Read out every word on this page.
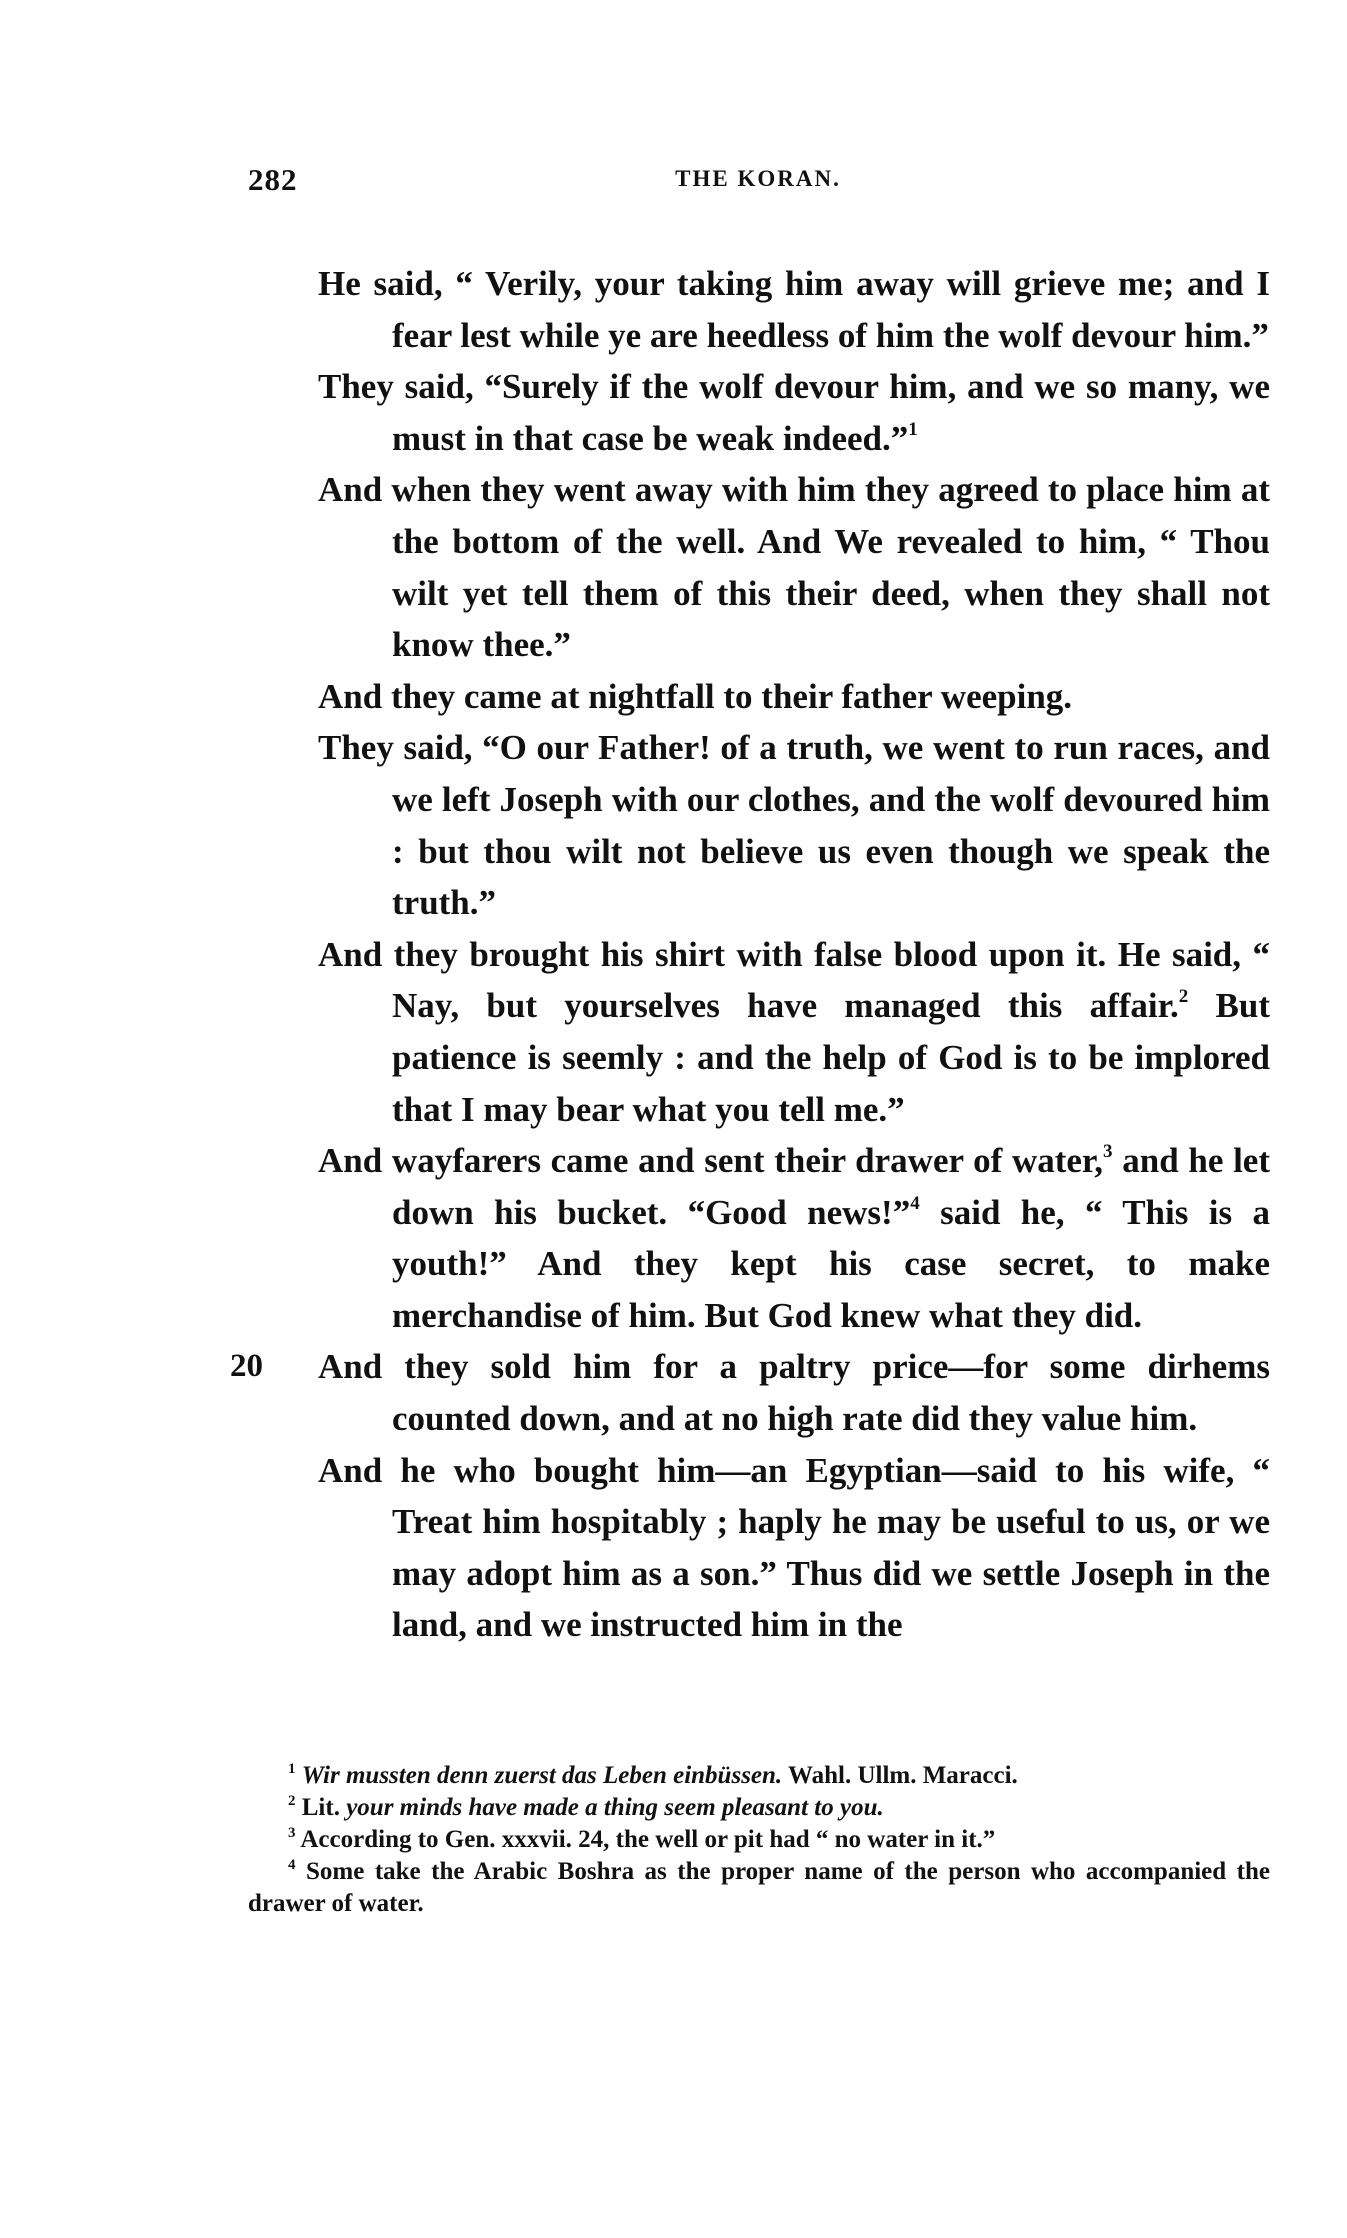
282	THE KORAN.

He said, “ Verily, your taking him away will grieve me; and I fear lest while ye are heedless of him the wolf devour him.”

They said, “Surely if the wolf devour him, and we so many, we must in that case be weak indeed.”$^1$

And when they went away with him they agreed to place him at the bottom of the well. And We revealed to him, “ Thou wilt yet tell them of this their deed, when they shall not know thee.”

And they came at nightfall to their father weeping.

They said, “O our Father! of a truth, we went to run races, and we left Joseph with our clothes, and the wolf devoured him : but thou wilt not believe us even though we speak the truth.”

And they brought his shirt with false blood upon it. He said, “ Nay, but yourselves have managed this affair.$^2$ But patience is seemly : and the help of God is to be implored that I may bear what you tell me.”

And wayfarers came and sent their drawer of water,$^3$ and he let down his bucket. “Good news!”$^4$ said he, “ This is a youth!” And they kept his case secret, to make merchandise of him. But God knew what they did.

20 And they sold him for a paltry price—for some dirhems counted down, and at no high rate did they value him.

And he who bought him—an Egyptian—said to his wife, “ Treat him hospitably ; haply he may be useful to us, or we may adopt him as a son.” Thus did we settle Joseph in the land, and we instructed him in the

$^1$ Wir mussten denn zuerst das Leben einbüssen. Wahl. Ullm. Maracci.

$^2$ Lit. your minds have made a thing seem pleasant to you.

$^3$ According to Gen. xxxvii. 24, the well or pit had “ no water in it.”

$^4$ Some take the Arabic Boshra as the proper name of the person who accompanied the drawer of water.
